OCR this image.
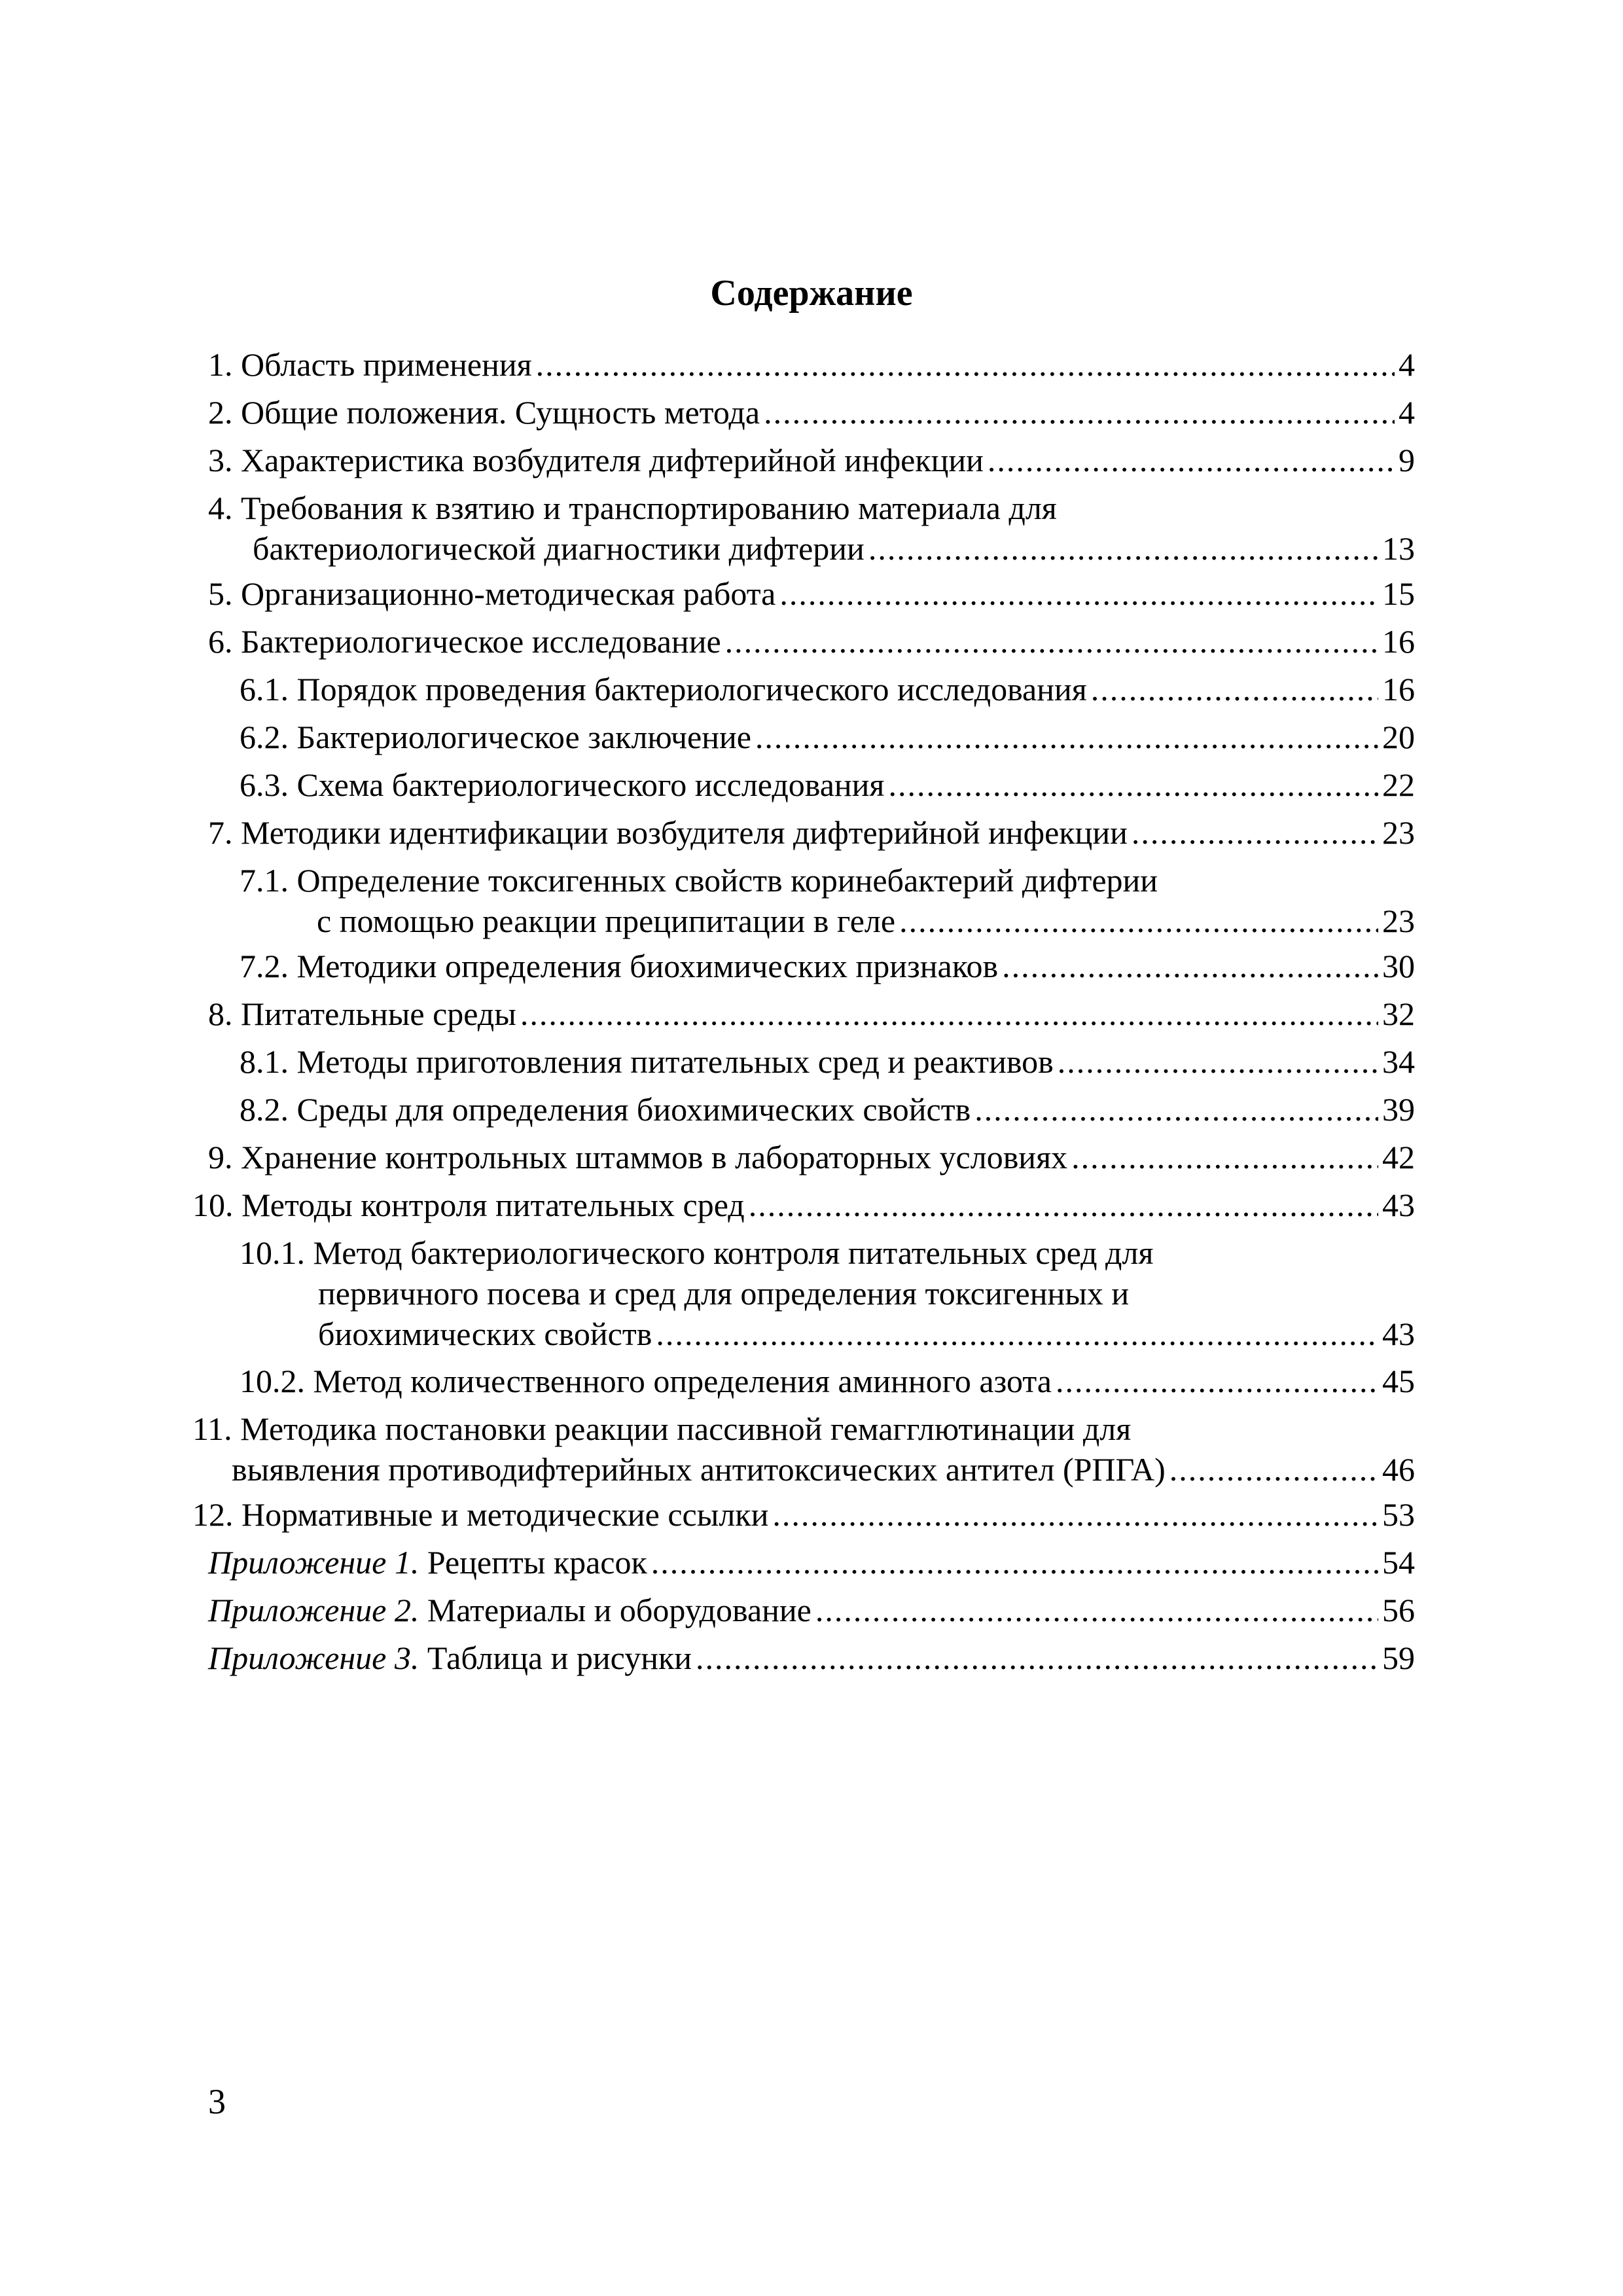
Содержание
1.
Область применения .....	4
2.
Общие положения. Сущность метода .....	4
3.
Характеристика возбудителя дифтерийной инфекции .....	9
4. Требования к взятию и транспортированию материала для
бактериологической диагностики дифтерии .....	13
5.
Организационно-методическая работа .....	15
6.
Бактериологическое исследование .....	16
6.1.
Порядок проведения бактериологического исследования .....	16
6.2.
Бактериологическое заключение .....	20
6.3.
Схема бактериологического исследования .....	22
7.
Методики идентификации возбудителя дифтерийной инфекции .....	23
7.1. Определение токсигенных свойств коринебактерий дифтерии
с помощью реакции преципитации в геле .....	23
7.2.
Методики определения биохимических признаков .....	30
8.
Питательные среды .....	32
8.1.
Методы приготовления питательных сред и реактивов .....	34
8.2.
Среды для определения биохимических свойств .....	39
9.
Хранение контрольных штаммов в лабораторных условиях .....	42
10.
Методы контроля питательных сред .....	43
10.1. Метод бактериологического контроля питательных сред для
первичного посева и сред для определения токсигенных и
биохимических свойств .....	43
10.2.
Метод количественного определения аминного азота .....	45
11. Методика постановки реакции пассивной гемагглютинации для
выявления противодифтерийных антитоксических антител (РПГА) .....	46
12.
Нормативные и методические ссылки .....	53
Приложение 1.
Рецепты красок .....	54
Приложение 2.
Материалы и оборудование .....	56
Приложение 3.
Таблица и рисунки .....	59
3
